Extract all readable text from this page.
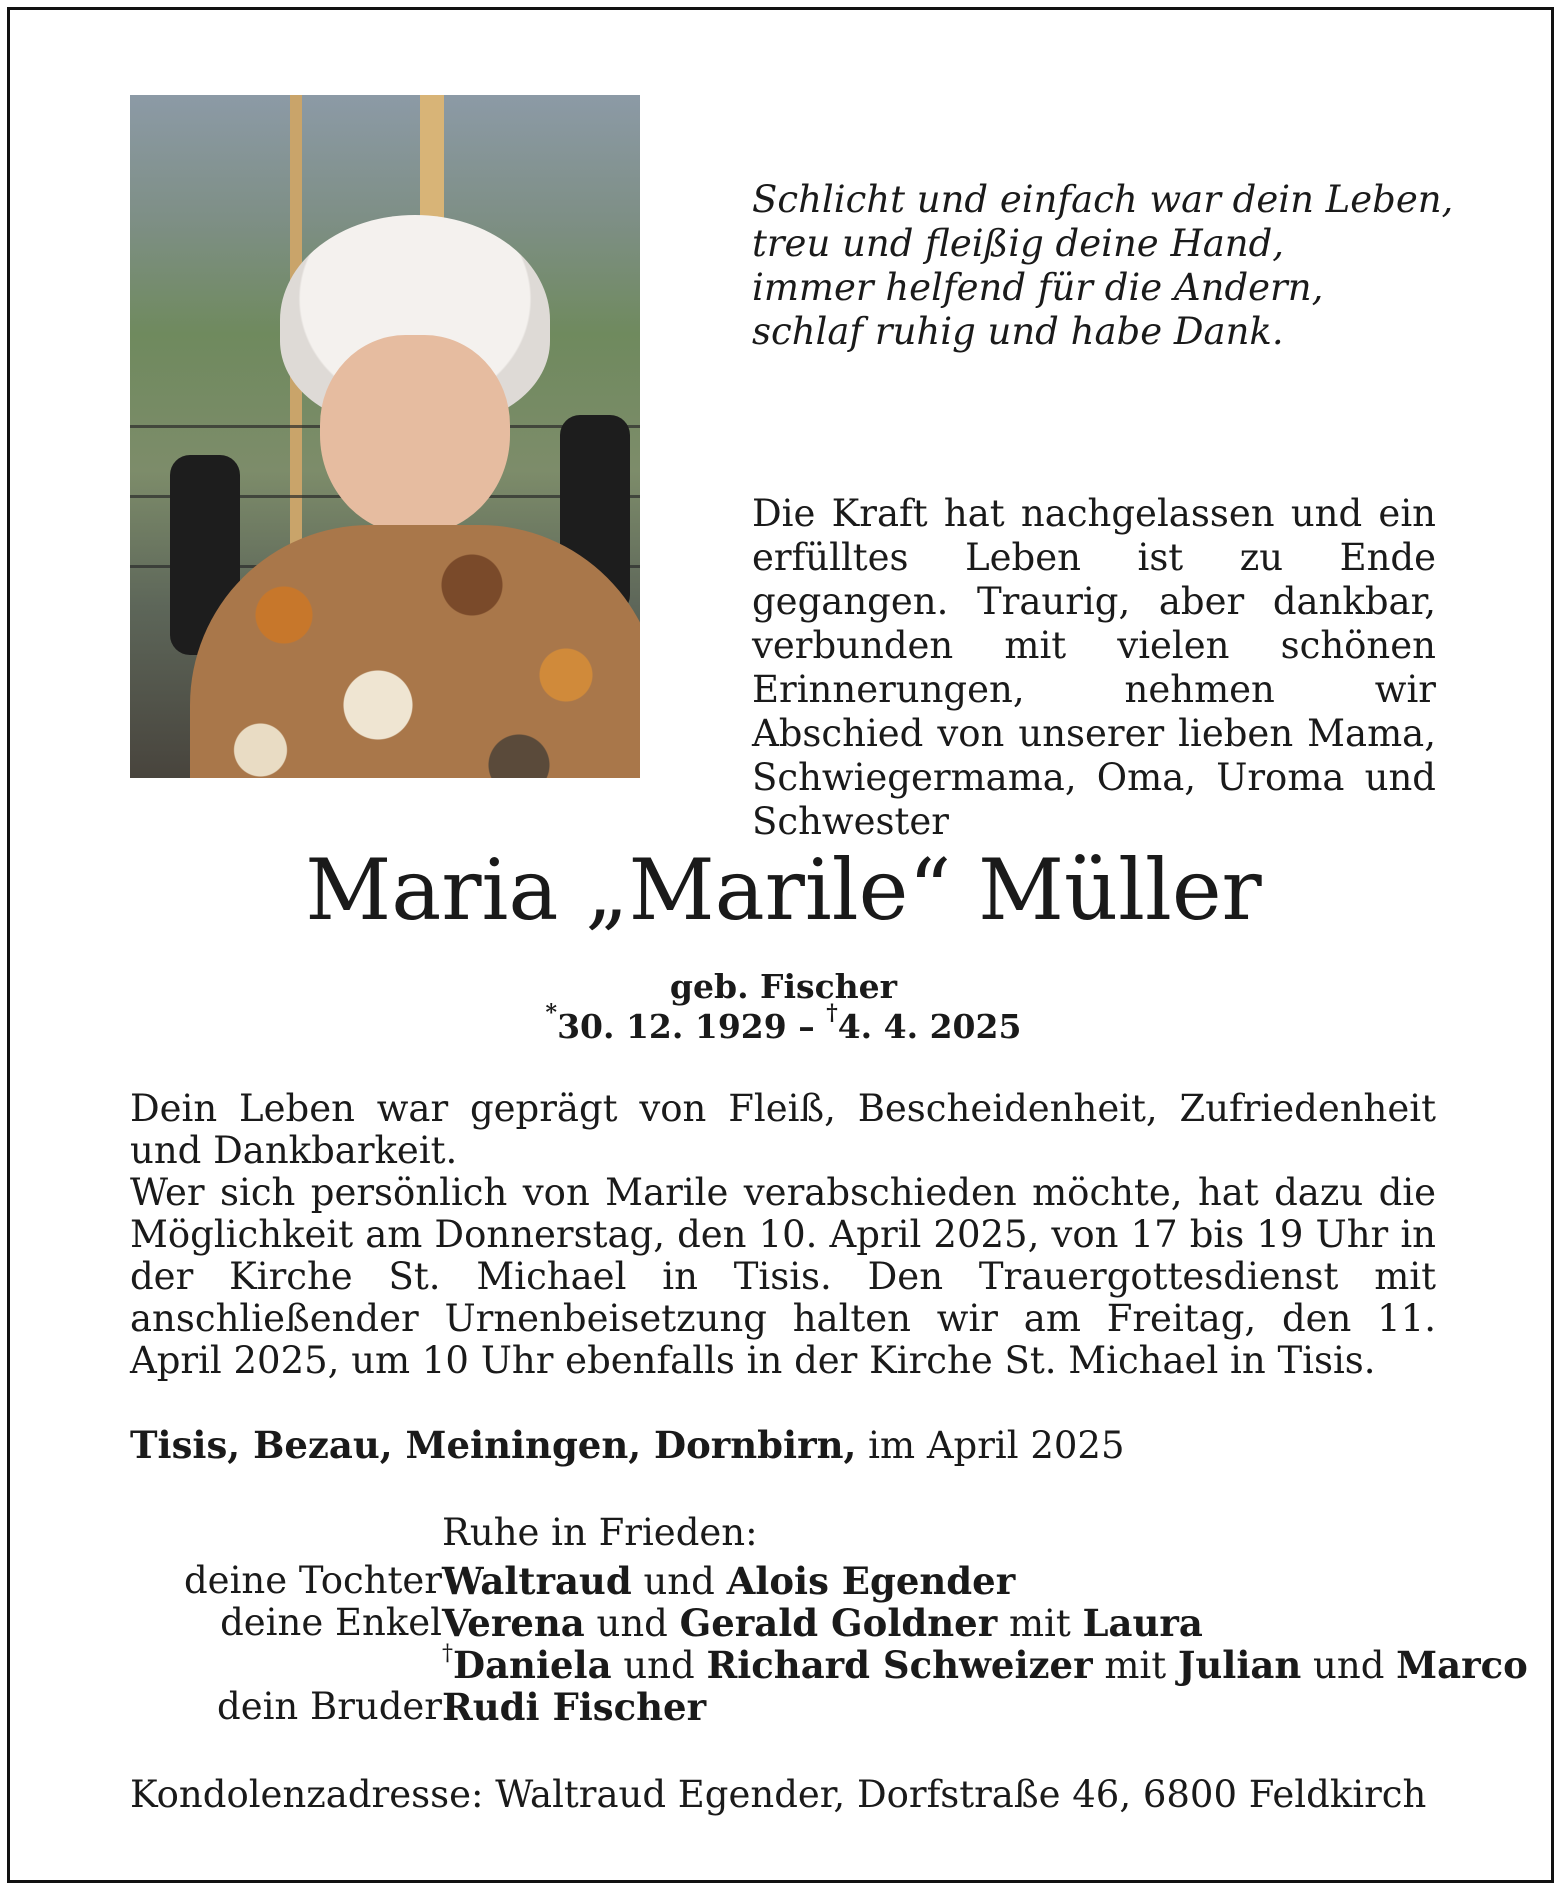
Schlicht und einfach war dein Leben,
treu und fleißig deine Hand,
immer helfend für die Andern,
schlaf ruhig und habe Dank.
Die Kraft hat nachgelassen und ein erfülltes Leben ist zu Ende gegangen. Traurig, aber dankbar, verbunden mit vielen schönen Erinnerungen, nehmen wir Abschied von unserer lieben Mama, Schwiegermama, Oma, Uroma und Schwester
Maria „Marile“ Müller
geb. Fischer
*30. 12. 1929 – †4. 4. 2025
Dein Leben war geprägt von Fleiß, Bescheidenheit, Zufriedenheit und Dankbarkeit.
Wer sich persönlich von Marile verabschieden möchte, hat dazu die Möglichkeit am Donnerstag, den 10. April 2025, von 17 bis 19 Uhr in der Kirche St. Michael in Tisis. Den Trauergottesdienst mit anschließender Urnenbeisetzung halten wir am Freitag, den 11. April 2025, um 10 Uhr ebenfalls in der Kirche St. Michael in Tisis.
Tisis, Bezau, Meiningen, Dornbirn, im April 2025
Ruhe in Frieden:
deine Tochter Waltraud und Alois Egender
deine Enkel Verena und Gerald Goldner mit Laura
†Daniela und Richard Schweizer mit Julian und Marco
dein Bruder Rudi Fischer
Kondolenzadresse: Waltraud Egender, Dorfstraße 46, 6800 Feldkirch
